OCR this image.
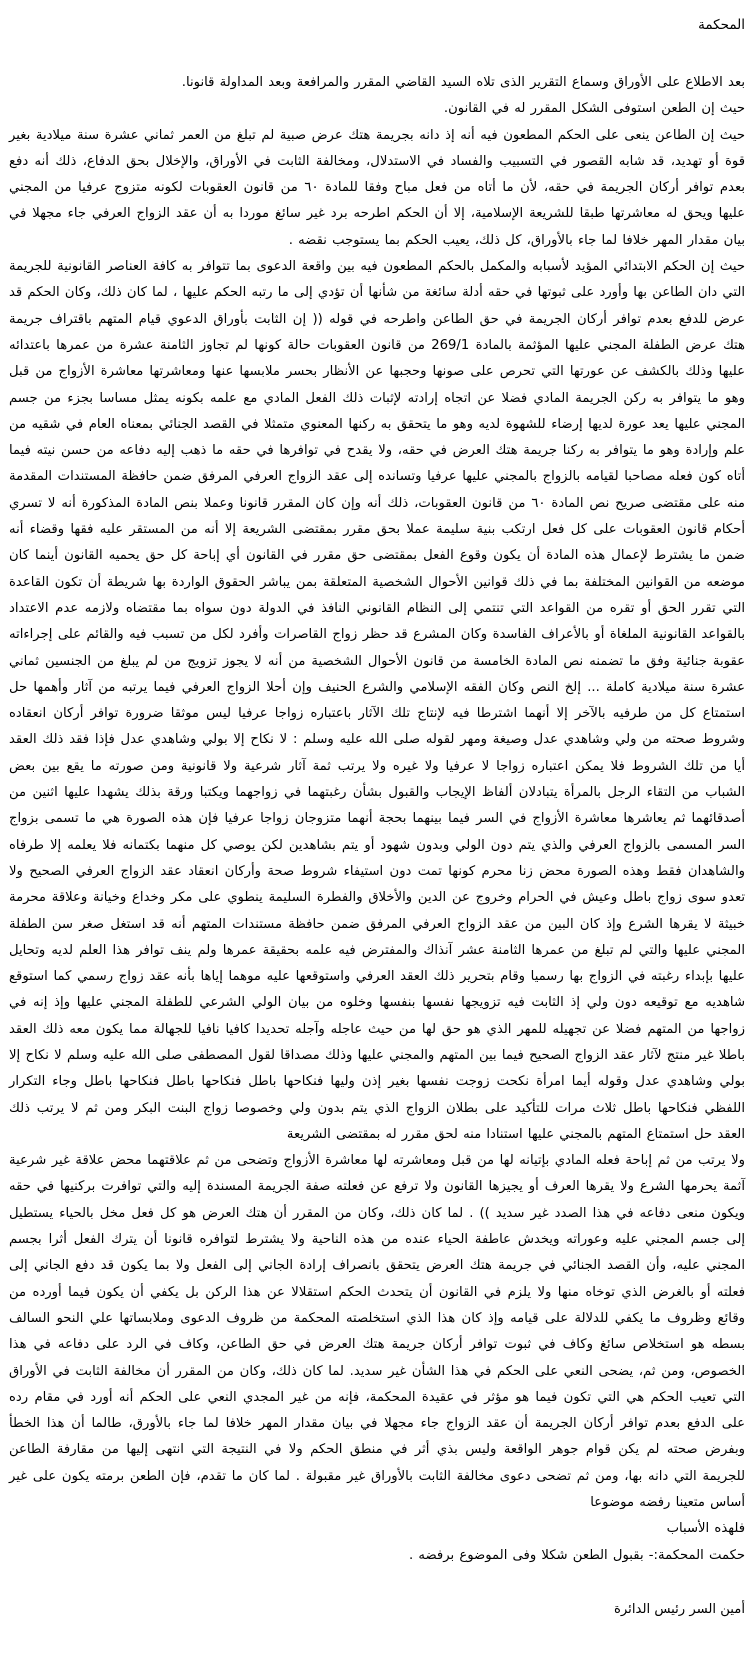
المحكمة

بعد الاطلاع على الأوراق وسماع التقرير الذى تلاه السيد القاضي المقرر والمرافعة وبعد المداولة قانونا.

حيث إن الطعن استوفى الشكل المقرر له في القانون.

حيث إن الطاعن ينعى على الحكم المطعون فيه أنه إذ دانه بجريمة هتك عرض صبية لم تبلغ من العمر ثماني عشرة سنة ميلادية بغير قوة أو تهديد، قد شابه القصور في التسبيب والفساد في الاستدلال، ومخالفة الثابت في الأوراق، والإخلال بحق الدفاع، ذلك أنه دفع بعدم توافر أركان الجريمة في حقه، لأن ما أتاه من فعل مباح وفقا للمادة ٦٠ من قانون العقوبات لكونه متزوج عرفيا من المجني عليها ويحق له معاشرتها طبقا للشريعة الإسلامية، إلا أن الحكم اطرحه برد غير سائغ موردا به أن عقد الزواج العرفي جاء مجهلا في بيان مقدار المهر خلافا لما جاء بالأوراق، كل ذلك، يعيب الحكم بما يستوجب نقضه .

حيث إن الحكم الابتدائي المؤيد لأسبابه والمكمل بالحكم المطعون فيه بين واقعة الدعوى بما تتوافر به كافة العناصر القانونية للجريمة التي دان الطاعن بها وأورد على ثبوتها في حقه أدلة سائغة من شأنها أن تؤدي إلى ما رتبه الحكم عليها ، لما كان ذلك، وكان الحكم قد عرض للدفع بعدم توافر أركان الجريمة في حق الطاعن واطرحه في قوله (( إن الثابت بأوراق الدعوي قيام المتهم باقتراف جريمة هتك عرض الطفلة المجني عليها المؤثمة بالمادة 269/1 من قانون العقوبات حالة كونها لم تجاوز الثامنة عشرة من عمرها باعتدائه عليها وذلك بالكشف عن عورتها التي تحرص على صونها وحجبها عن الأنظار بحسر ملابسها عنها ومعاشرتها معاشرة الأزواج من قبل وهو ما يتوافر به ركن الجريمة المادي فضلا عن اتجاه إرادته لإثبات ذلك الفعل المادي مع علمه بكونه يمثل مساسا بجزء من جسم المجني عليها يعد عورة لديها إرضاء للشهوة لديه وهو ما يتحقق به ركنها المعنوي متمثلا في القصد الجنائي بمعناه العام في شقيه من علم وإرادة وهو ما يتوافر به ركنا جريمة هتك العرض في حقه، ولا يقدح في توافرها في حقه ما ذهب إليه دفاعه من حسن نيته فيما أتاه كون فعله مصاحبا لقيامه بالزواج بالمجني عليها عرفيا وتسانده إلى عقد الزواج العرفي المرفق ضمن حافظة المستندات المقدمة منه على مقتضى صريح نص المادة ٦٠ من قانون العقوبات، ذلك أنه وإن كان المقرر قانونا وعملا بنص المادة المذكورة أنه لا تسري أحكام قانون العقوبات على كل فعل ارتكب بنية سليمة عملا بحق مقرر بمقتضى الشريعة إلا أنه من المستقر عليه فقها وقضاء أنه ضمن ما يشترط لإعمال هذه المادة أن يكون وقوع الفعل بمقتضى حق مقرر في القانون أي إباحة كل حق يحميه القانون أينما كان موضعه من القوانين المختلفة بما في ذلك قوانين الأحوال الشخصية المتعلقة بمن يباشر الحقوق الواردة بها شريطة أن تكون القاعدة التي تقرر الحق أو تقره من القواعد التي تنتمي إلى النظام القانوني النافذ في الدولة دون سواه بما مقتضاه ولازمه عدم الاعتداد بالقواعد القانونية الملغاة أو بالأعراف الفاسدة وكان المشرع قد حظر زواج القاصرات وأفرد لكل من تسبب فيه والقائم على إجراءاته عقوبة جنائية وفق ما تضمنه نص المادة الخامسة من قانون الأحوال الشخصية من أنه لا يجوز تزويج من لم يبلغ من الجنسين ثماني عشرة سنة ميلادية كاملة ... إلخ النص وكان الفقه الإسلامي والشرع الحنيف وإن أحلا الزواج العرفي فيما يرتبه من آثار وأهمها حل استمتاع كل من طرفيه بالآخر إلا أنهما اشترطا فيه لإنتاج تلك الآثار باعتباره زواجا عرفيا ليس موثقا ضرورة توافر أركان انعقاده وشروط صحته من ولي وشاهدي عدل وصيغة ومهر لقوله صلى الله عليه وسلم : لا نكاح إلا بولي وشاهدي عدل فإذا فقد ذلك العقد أيا من تلك الشروط فلا يمكن اعتباره زواجا لا عرفيا ولا غيره ولا يرتب ثمة آثار شرعية ولا قانونية ومن صورته ما يقع بين بعض الشباب من التقاء الرجل بالمرأة يتبادلان ألفاظ الإيجاب والقبول بشأن رغبتهما في زواجهما ويكتبا ورقة بذلك يشهدا عليها اثنين من أصدقائهما ثم يعاشرها معاشرة الأزواج في السر فيما بينهما بحجة أنهما متزوجان زواجا عرفيا فإن هذه الصورة هي ما تسمى بزواج السر المسمى بالزواج العرفي والذي يتم دون الولي وبدون شهود أو يتم بشاهدين لكن يوصي كل منهما بكتمانه فلا يعلمه إلا طرفاه والشاهدان فقط وهذه الصورة محض زنا محرم كونها تمت دون استيفاء شروط صحة وأركان انعقاد عقد الزواج العرفي الصحيح ولا تعدو سوى زواج باطل وعيش في الحرام وخروج عن الدين والأخلاق والفطرة السليمة ينطوي على مكر وخداع وخيانة وعلاقة محرمة خبيثة لا يقرها الشرع وإذ كان البين من عقد الزواج العرفي المرفق ضمن حافظة مستندات المتهم أنه قد استغل صغر سن الطفلة المجني عليها والتي لم تبلغ من عمرها الثامنة عشر آنذاك والمفترض فيه علمه بحقيقة عمرها ولم ينف توافر هذا العلم لديه وتحايل عليها بإبداء رغبته في الزواج بها رسميا وقام بتحرير ذلك العقد العرفي واستوقعها عليه موهما إياها بأنه عقد زواج رسمي كما استوقع شاهديه مع توقيعه دون ولي إذ الثابت فيه تزويجها نفسها بنفسها وخلوه من بيان الولي الشرعي للطفلة المجني عليها وإذ إنه في زواجها من المتهم فضلا عن تجهيله للمهر الذي هو حق لها من حيث عاجله وآجله تحديدا كافيا نافيا للجهالة مما يكون معه ذلك العقد باطلا غير منتج لآثار عقد الزواج الصحيح فيما بين المتهم والمجني عليها وذلك مصداقا لقول المصطفى صلى الله عليه وسلم لا نكاح إلا بولي وشاهدي عدل وقوله أيما امرأة نكحت زوجت نفسها بغير إذن وليها فنكاحها باطل فنكاحها باطل فنكاحها باطل وجاء التكرار اللفظي فنكاحها باطل ثلاث مرات للتأكيد على بطلان الزواج الذي يتم بدون ولي وخصوصا زواج البنت البكر ومن ثم لا يرتب ذلك العقد حل استمتاع المتهم بالمجني عليها استنادا منه لحق مقرر له بمقتضى الشريعة

ولا يرتب من ثم إباحة فعله المادي بإتيانه لها من قبل ومعاشرته لها معاشرة الأزواج وتضحى من ثم علاقتهما محض علاقة غير شرعية آثمة يحرمها الشرع ولا يقرها العرف أو يجيزها القانون ولا ترفع عن فعلته صفة الجريمة المسندة إليه والتي توافرت بركنيها في حقه ويكون منعى دفاعه في هذا الصدد غير سديد )) . لما كان ذلك، وكان من المقرر أن هتك العرض هو كل فعل مخل بالحياء يستطيل إلى جسم المجني عليه وعوراته ويخدش عاطفة الحياء عنده من هذه الناحية ولا يشترط لتوافره قانونا أن يترك الفعل أثرا بجسم المجني عليه، وأن القصد الجنائي في جريمة هتك العرض يتحقق بانصراف إرادة الجاني إلى الفعل ولا بما يكون قد دفع الجاني إلى فعلته أو بالغرض الذي توخاه منها ولا يلزم في القانون أن يتحدث الحكم استقلالا عن هذا الركن بل يكفي أن يكون فيما أورده من وقائع وظروف ما يكفي للدلالة على قيامه وإذ كان هذا الذي استخلصته المحكمة من ظروف الدعوى وملابساتها علي النحو السالف بسطه هو استخلاص سائغ وكاف في ثبوت توافر أركان جريمة هتك العرض في حق الطاعن، وكاف في الرد على دفاعه في هذا الخصوص، ومن ثم، يضحى النعي على الحكم في هذا الشأن غير سديد. لما كان ذلك، وكان من المقرر أن مخالفة الثابت في الأوراق التي تعيب الحكم هي التي تكون فيما هو مؤثر في عقيدة المحكمة، فإنه من غير المجدي النعي على الحكم أنه أورد في مقام رده على الدفع بعدم توافر أركان الجريمة أن عقد الزواج جاء مجهلا في بيان مقدار المهر خلافا لما جاء بالأورق، طالما أن هذا الخطأ وبفرض صحته لم يكن قوام جوهر الواقعة وليس بذي أثر في منطق الحكم ولا في النتيجة التي انتهى إليها من مقارفة الطاعن للجريمة التي دانه بها، ومن ثم تضحى دعوى مخالفة الثابت بالأوراق غير مقبولة . لما كان ما تقدم، فإن الطعن برمته يكون على غير أساس متعينا رفضه موضوعا

فلهذه الأسباب

حكمت المحكمة:- بقبول الطعن شكلا وفى الموضوع برفضه .

أمين السر رئيس الدائرة
